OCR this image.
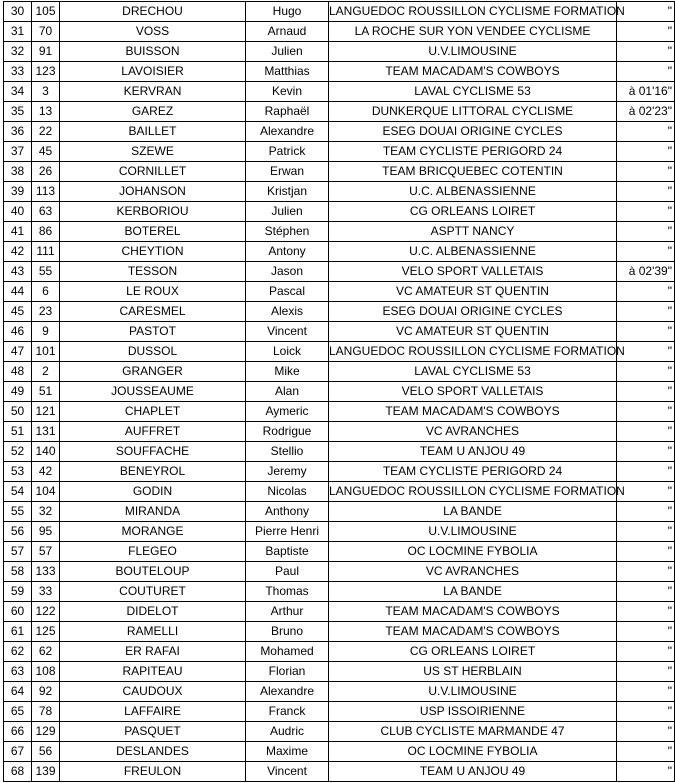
30	105	DRECHOU	Hugo	LANGUEDOC ROUSSILLON CYCLISME FORMATION	"
31	70	VOSS	Arnaud	LA ROCHE SUR YON VENDEE CYCLISME	"
32	91	BUISSON	Julien	U.V.LIMOUSINE	"
33	123	LAVOISIER	Matthias	TEAM MACADAM'S COWBOYS	"
34	3	KERVRAN	Kevin	LAVAL CYCLISME 53	à 01'16"
35	13	GAREZ	Raphaël	DUNKERQUE LITTORAL CYCLISME	à 02'23"
36	22	BAILLET	Alexandre	ESEG DOUAI ORIGINE CYCLES	"
37	45	SZEWE	Patrick	TEAM CYCLISTE PERIGORD 24	"
38	26	CORNILLET	Erwan	TEAM BRICQUEBEC COTENTIN	"
39	113	JOHANSON	Kristjan	U.C. ALBENASSIENNE	"
40	63	KERBORIOU	Julien	CG ORLEANS LOIRET	"
41	86	BOTEREL	Stéphen	ASPTT NANCY	"
42	111	CHEYTION	Antony	U.C. ALBENASSIENNE	"
43	55	TESSON	Jason	VELO SPORT VALLETAIS	à 02'39"
44	6	LE ROUX	Pascal	VC AMATEUR ST QUENTIN	"
45	23	CARESMEL	Alexis	ESEG DOUAI ORIGINE CYCLES	"
46	9	PASTOT	Vincent	VC AMATEUR ST QUENTIN	"
47	101	DUSSOL	Loick	LANGUEDOC ROUSSILLON CYCLISME FORMATION	"
48	2	GRANGER	Mike	LAVAL CYCLISME 53	"
49	51	JOUSSEAUME	Alan	VELO SPORT VALLETAIS	"
50	121	CHAPLET	Aymeric	TEAM MACADAM'S COWBOYS	"
51	131	AUFFRET	Rodrigue	VC AVRANCHES	"
52	140	SOUFFACHE	Stellio	TEAM U ANJOU 49	"
53	42	BENEYROL	Jeremy	TEAM CYCLISTE PERIGORD 24	"
54	104	GODIN	Nicolas	LANGUEDOC ROUSSILLON CYCLISME FORMATION	"
55	32	MIRANDA	Anthony	LA BANDE	"
56	95	MORANGE	Pierre Henri	U.V.LIMOUSINE	"
57	57	FLEGEO	Baptiste	OC LOCMINE FYBOLIA	"
58	133	BOUTELOUP	Paul	VC AVRANCHES	"
59	33	COUTURET	Thomas	LA BANDE	"
60	122	DIDELOT	Arthur	TEAM MACADAM'S COWBOYS	"
61	125	RAMELLI	Bruno	TEAM MACADAM'S COWBOYS	"
62	62	ER RAFAI	Mohamed	CG ORLEANS LOIRET	"
63	108	RAPITEAU	Florian	US ST HERBLAIN	"
64	92	CAUDOUX	Alexandre	U.V.LIMOUSINE	"
65	78	LAFFAIRE	Franck	USP ISSOIRIENNE	"
66	129	PASQUET	Audric	CLUB CYCLISTE MARMANDE 47	"
67	56	DESLANDES	Maxime	OC LOCMINE FYBOLIA	"
68	139	FREULON	Vincent	TEAM U ANJOU 49	"
